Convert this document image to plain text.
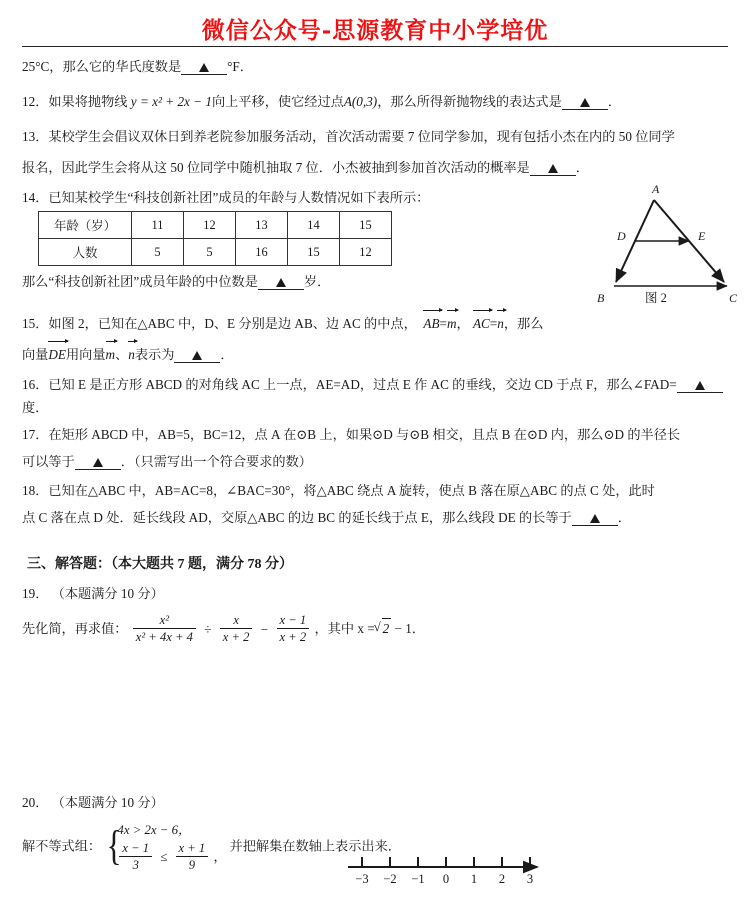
微信公众号-思源教育中小学培优
25°C，那么它的华氏度数是	°F．
12．如果将抛物线 y = x² + 2x − 1向上平移，使它经过点A(0,3)，那么所得新抛物线的表达式是	．
13．某校学生会倡议双休日到养老院参加服务活动，首次活动需要 7 位同学参加，现有包括小杰在内的 50 位同学
报名，因此学生会将从这 50 位同学中随机抽取 7 位．小杰被抽到参加首次活动的概率是	．
14．已知某校学生“科技创新社团”成员的年龄与人数情况如下表所示：
年龄（岁）	11	12	13	14	15
人数	5	5	16	15	12
那么“科技创新社团”成员年龄的中位数是	岁．
A
B	C
D	E
图 2
15．如图 2，已知在△ABC 中，D、E 分别是边 AB、边 AC 的中点， AB=m， AC=n，那么
向量DE用向量m、n表示为	．
16．已知 E 是正方形 ABCD 的对角线 AC 上一点，AE=AD，过点 E 作 AC 的垂线，交边 CD 于点 F，那么∠FAD=
度．
17．在矩形 ABCD 中，AB=5，BC=12，点 A 在⊙B 上，如果⊙D 与⊙B 相交，且点 B 在⊙D 内，那么⊙D 的半径长
可以等于	．（只需写出一个符合要求的数）
18．已知在△ABC 中，AB=AC=8，∠BAC=30°，将△ABC 绕点 A 旋转，使点 B 落在原△ABC 的点 C 处，此时
点 C 落在点 D 处．延长线段 AD，交原△ABC 的边 BC 的延长线于点 E，那么线段 DE 的长等于	．
三、解答题：（本大题共 7 题，满分 78 分）
19． （本题满分 10 分）
先化简，再求值： $\frac{\text{x²}}{\text{x² + 4x + 4}} \div \frac{x}{x + 2} - \frac{x - 1}{x + 2}$ ，其中 x = √ 2 − 1．
20． （本题满分 10 分）
解不等式组： {
4x > 2x − 6，
$\frac{x - 1}{3} \le \frac{x + 1}{9}$ ，
并把解集在数轴上表示出来．
−3 −2 −1 0 1 2 3
